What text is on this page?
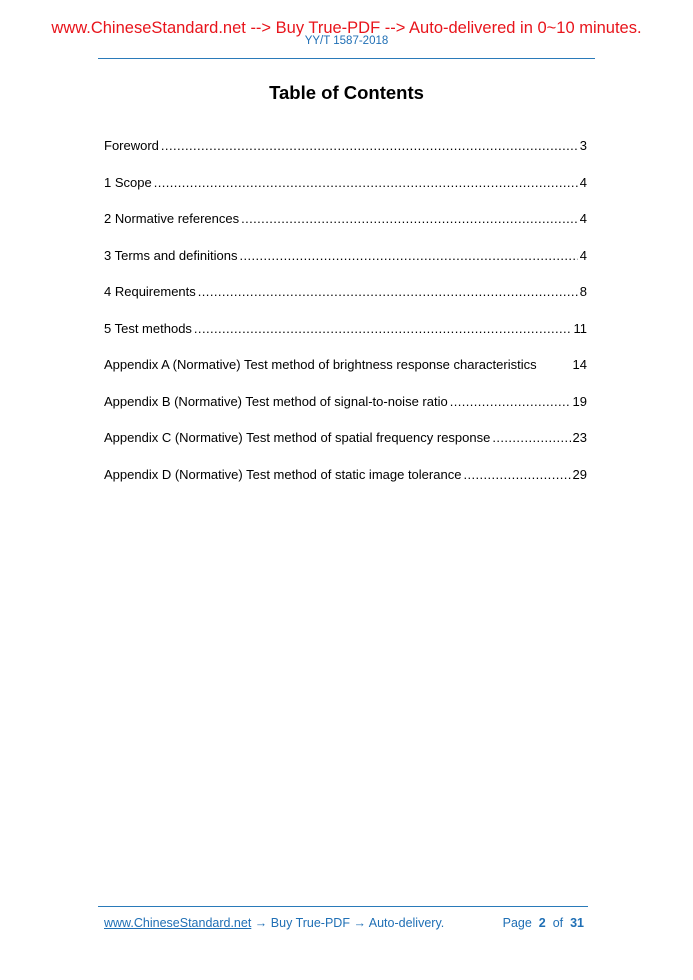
www.ChineseStandard.net --> Buy True-PDF --> Auto-delivered in 0~10 minutes.
YY/T 1587-2018
Table of Contents
Foreword .....	3
1 Scope .....	4
2 Normative references .....	4
3 Terms and definitions .....	4
4 Requirements .....	8
5 Test methods .....	11
Appendix A (Normative) Test method of brightness response characteristics	14
Appendix B (Normative) Test method of signal-to-noise ratio .....	19
Appendix C (Normative) Test method of spatial frequency response .....	23
Appendix D (Normative) Test method of static image tolerance .....	29
www.ChineseStandard.net → Buy True-PDF → Auto-delivery.	Page 2 of 31
